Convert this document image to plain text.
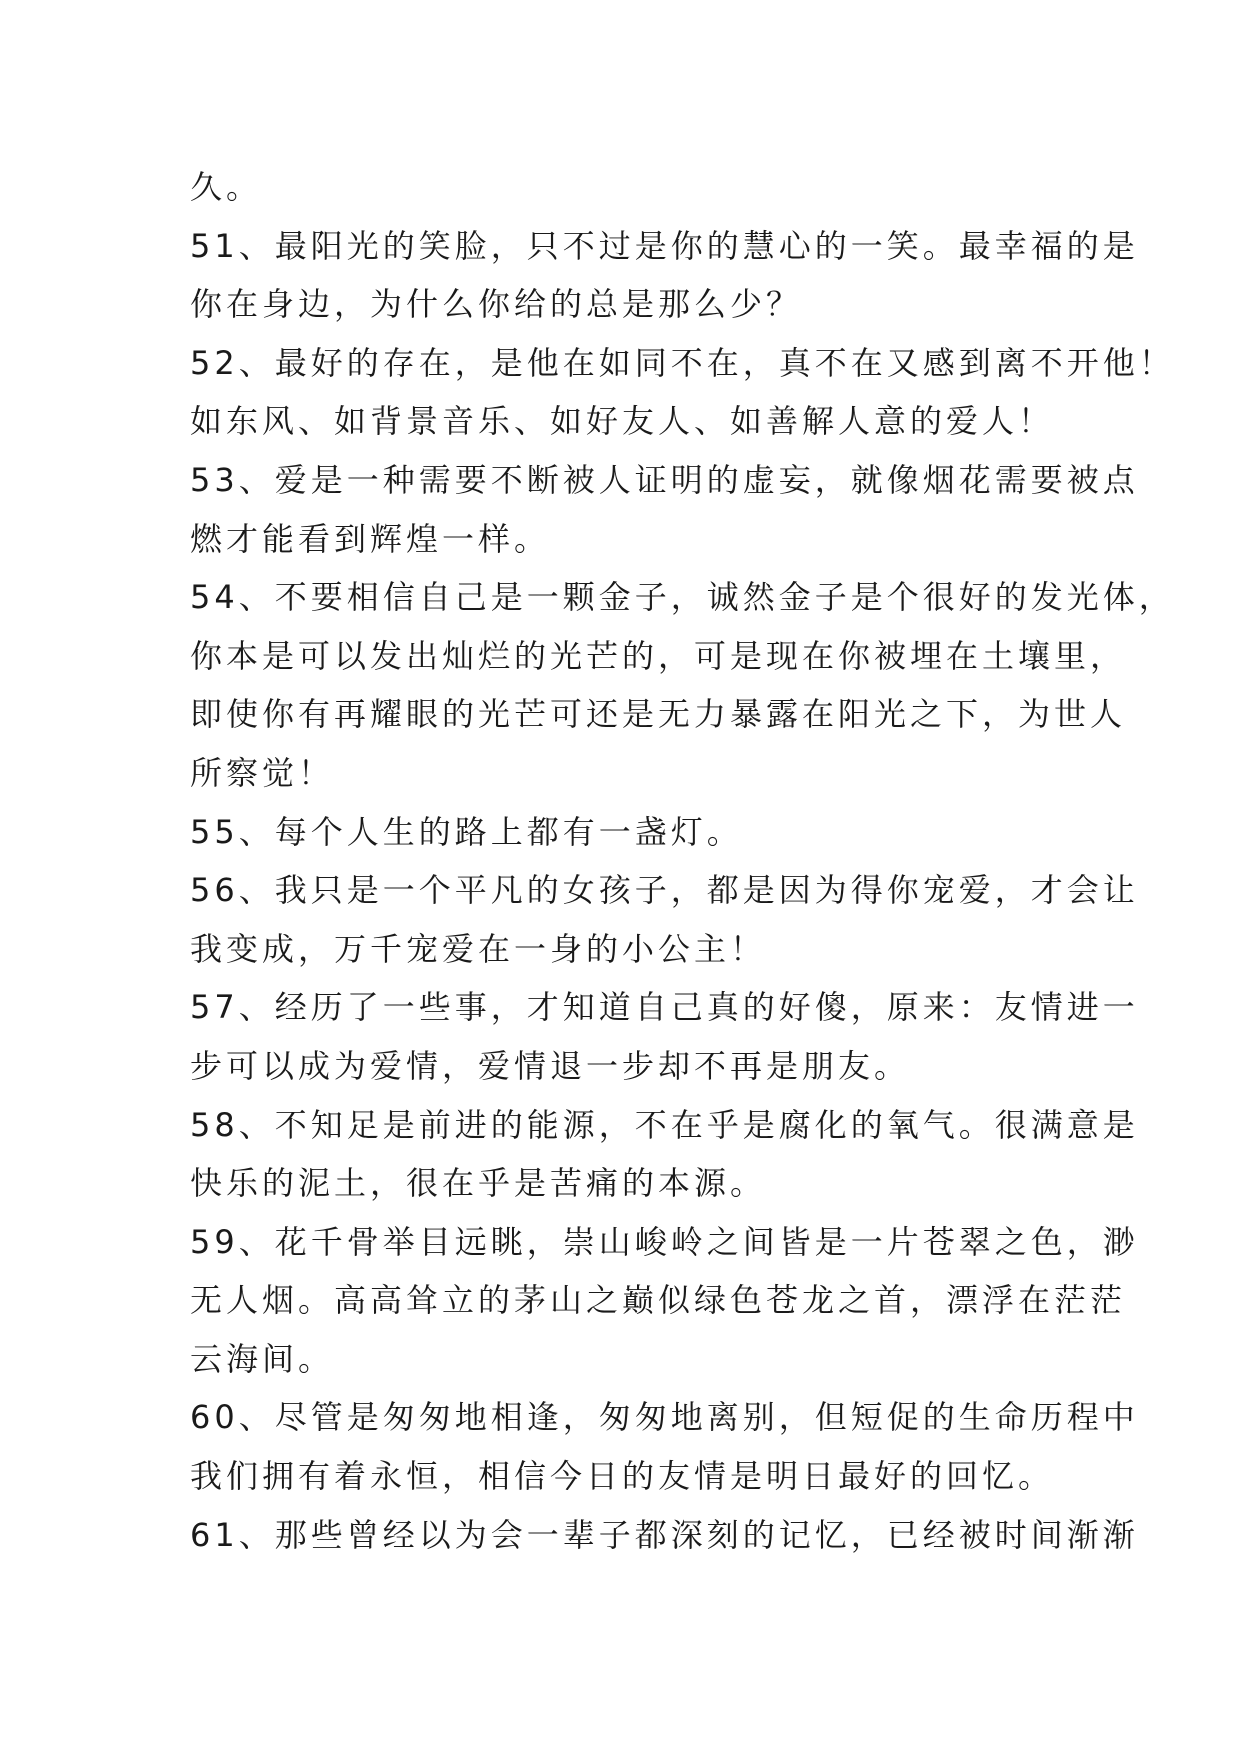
久。
51、最阳光的笑脸，只不过是你的慧心的一笑。最幸福的是
你在身边，为什么你给的总是那么少？
52、最好的存在，是他在如同不在，真不在又感到离不开他！
如东风、如背景音乐、如好友人、如善解人意的爱人！
53、爱是一种需要不断被人证明的虚妄，就像烟花需要被点
燃才能看到辉煌一样。
54、不要相信自己是一颗金子，诚然金子是个很好的发光体，
你本是可以发出灿烂的光芒的，可是现在你被埋在土壤里，
即使你有再耀眼的光芒可还是无力暴露在阳光之下，为世人
所察觉！
55、每个人生的路上都有一盏灯。
56、我只是一个平凡的女孩子，都是因为得你宠爱，才会让
我变成，万千宠爱在一身的小公主！
57、经历了一些事，才知道自己真的好傻，原来：友情进一
步可以成为爱情，爱情退一步却不再是朋友。
58、不知足是前进的能源，不在乎是腐化的氧气。很满意是
快乐的泥土，很在乎是苦痛的本源。
59、花千骨举目远眺，崇山峻岭之间皆是一片苍翠之色，渺
无人烟。高高耸立的茅山之巅似绿色苍龙之首，漂浮在茫茫
云海间。
60、尽管是匆匆地相逢，匆匆地离别，但短促的生命历程中
我们拥有着永恒，相信今日的友情是明日最好的回忆。
61、那些曾经以为会一辈子都深刻的记忆，已经被时间渐渐
